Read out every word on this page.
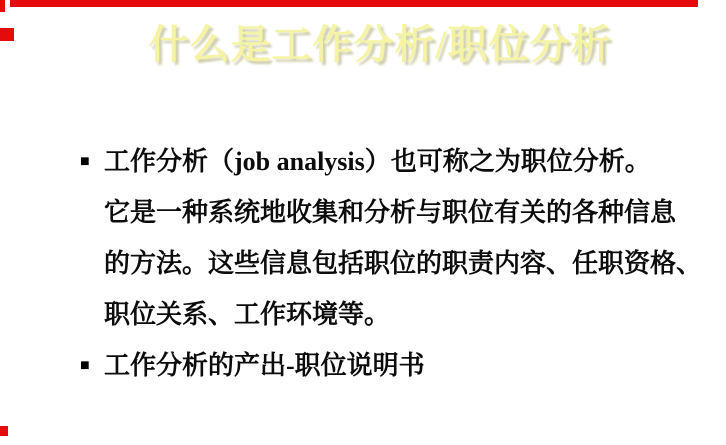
什么是工作分析/职位分析
■ 工作分析（job analysis）也可称之为职位分析。
它是一种系统地收集和分析与职位有关的各种信息
的方法。这些信息包括职位的职责内容、任职资格、
职位关系、工作环境等。
■ 工作分析的产出-职位说明书
